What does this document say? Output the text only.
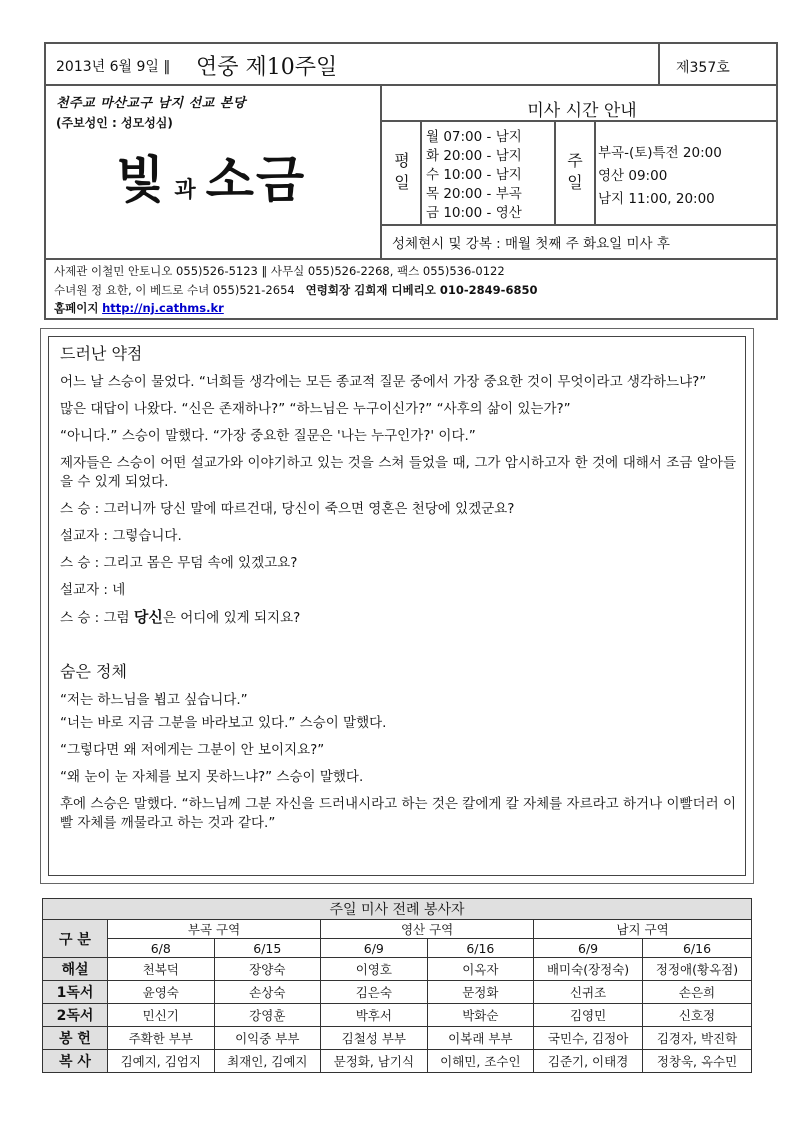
2013년 6월 9일 ‖ 연중 제10주일	제357호
천주교 마산교구 남지 선교 본당
(주보성인 : 성모성심)
빛과 소금
미사 시간 안내
평
일
월 07:00 - 남지
화 20:00 - 남지
수 10:00 - 남지
목 20:00 - 부곡
금 10:00 - 영산
주
일
부곡-(토)특전 20:00
영산 09:00
남지 11:00, 20:00
성체현시 및 강복 : 매월 첫째 주 화요일 미사 후
사제관 이철민 안토니오 055)526-5123 ‖ 사무실 055)526-2268, 팩스 055)536-0122
수녀원 정 요한, 이 베드로 수녀 055)521-2654 연령회장 김희재 디베리오 010-2849-6850
홈페이지 http://nj.cathms.kr
드러난 약점

어느 날 스승이 물었다. “너희들 생각에는 모든 종교적 질문 중에서 가장 중요한 것이 무엇이라고 생각하느냐?”

많은 대답이 나왔다. “신은 존재하나?” “하느님은 누구이신가?” “사후의 삶이 있는가?”

“아니다.” 스승이 말했다. “가장 중요한 질문은 '나는 누구인가?' 이다.”

제자들은 스승이 어떤 설교가와 이야기하고 있는 것을 스쳐 들었을 때, 그가 암시하고자 한 것에 대해서 조금 알아들을 수 있게 되었다.

스 승 : 그러니까 당신 말에 따르건대, 당신이 죽으면 영혼은 천당에 있겠군요?

설교자 : 그렇습니다.

스 승 : 그리고 몸은 무덤 속에 있겠고요?

설교자 : 네

스 승 : 그럼 당신은 어디에 있게 되지요?

숨은 정체

“저는 하느님을 뵙고 싶습니다.”

“너는 바로 지금 그분을 바라보고 있다.” 스승이 말했다.

“그렇다면 왜 저에게는 그분이 안 보이지요?”

“왜 눈이 눈 자체를 보지 못하느냐?” 스승이 말했다.

후에 스승은 말했다. “하느님께 그분 자신을 드러내시라고 하는 것은 칼에게 칼 자체를 자르라고 하거나 이빨더러 이빨 자체를 깨물라고 하는 것과 같다.”

주일 미사 전례 봉사자						
구 분	부곡 구역		영산 구역		남지 구역	
	6/8	6/15	6/9	6/16	6/9	6/16
해설	천복덕	장양숙	이영호	이옥자	배미숙(장정숙)	정정애(황옥점)
1독서	윤영숙	손상숙	김은숙	문정화	신귀조	손은희
2독서	민신기	강영훈	박후서	박화순	김영민	신호정
봉 헌	주확한 부부	이익중 부부	김철성 부부	이복래 부부	국민수, 김정아	김경자, 박진학
복 사	김예지, 김엄지	최재인, 김예지	문정화, 남기식	이해민, 조수인	김준기, 이태경	정창욱, 옥수민
